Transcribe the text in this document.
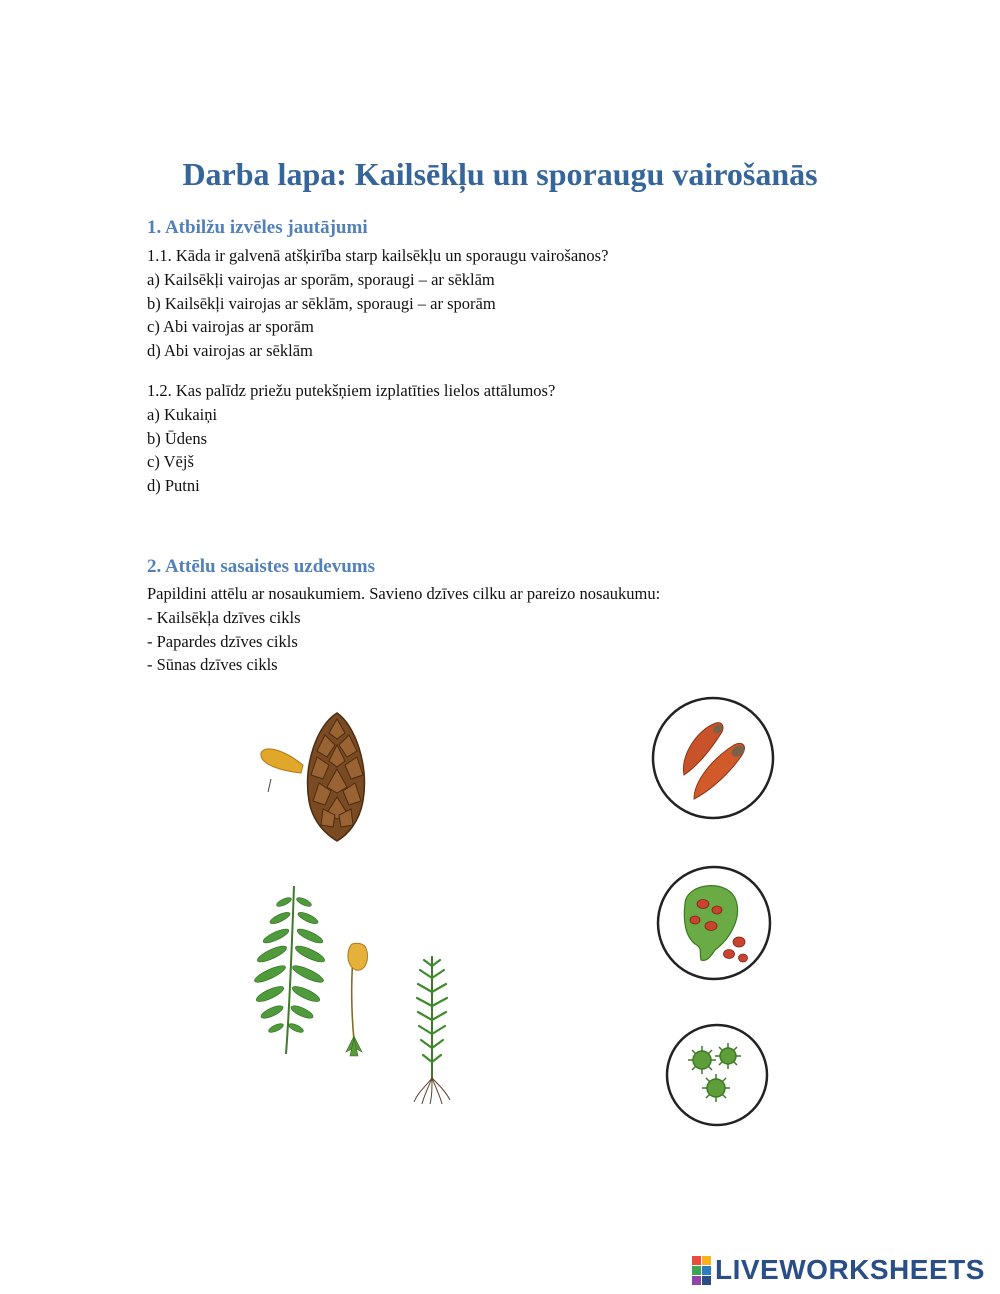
Darba lapa: Kailsēkļu un sporaugu vairošanās
1. Atbilžu izvēles jautājumi
1.1. Kāda ir galvenā atšķirība starp kailsēkļu un sporaugu vairošanos?
a) Kailsēkļi vairojas ar sporām, sporaugi – ar sēklām
b) Kailsēkļi vairojas ar sēklām, sporaugi – ar sporām
c) Abi vairojas ar sporām
d) Abi vairojas ar sēklām
1.2. Kas palīdz priežu putekšņiem izplatīties lielos attālumos?
a) Kukaiņi
b) Ūdens
c) Vējš
d) Putni
2. Attēlu sasaistes uzdevums
Papildini attēlu ar nosaukumiem. Savieno dzīves cilku ar pareizo nosaukumu:
- Kailsēkļa dzīves cikls
- Papardes dzīves cikls
- Sūnas dzīves cikls
LIVEWORKSHEETS
